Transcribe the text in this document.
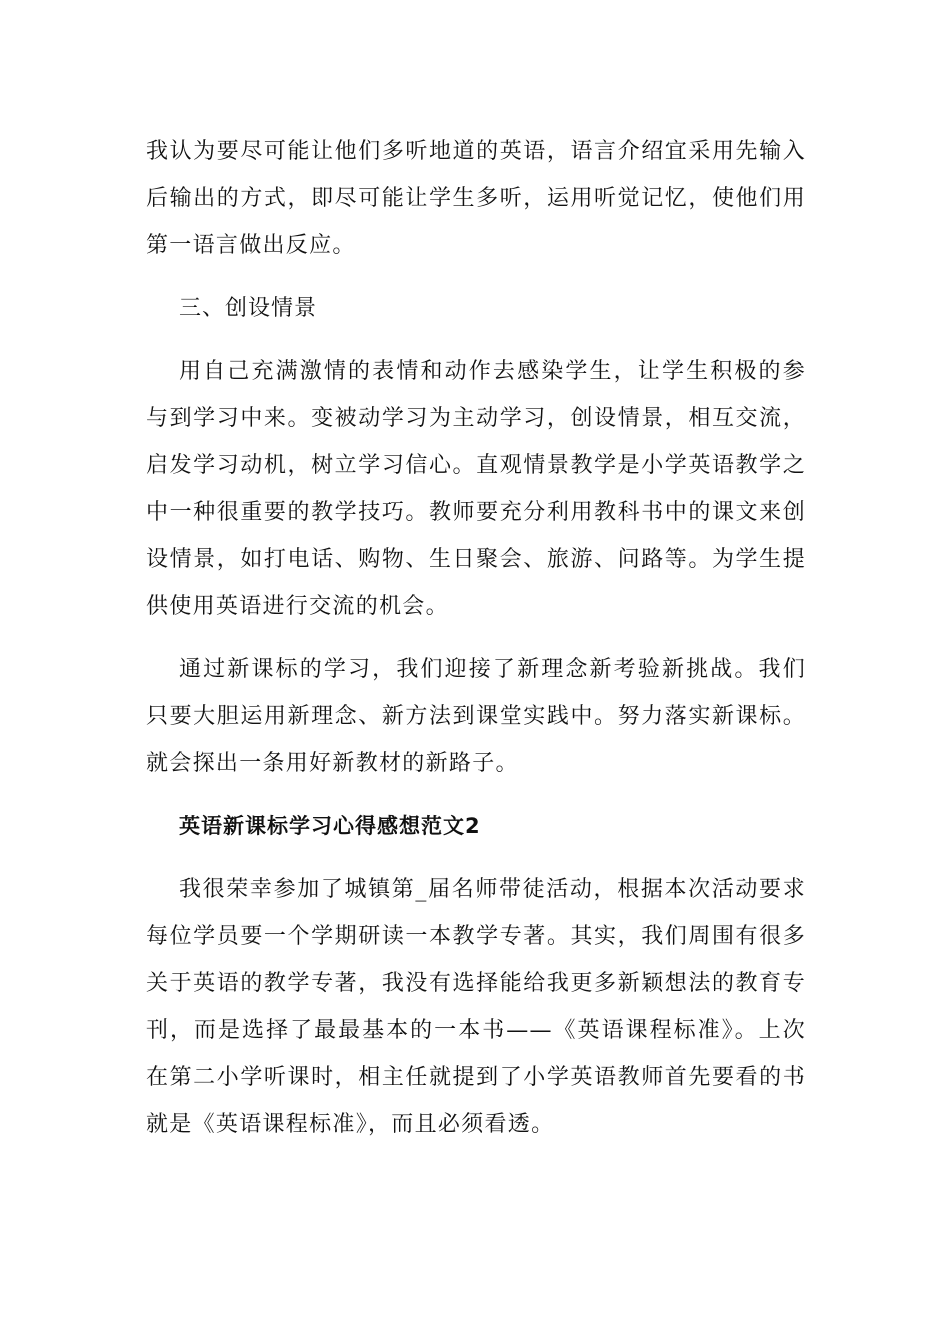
我认为要尽可能让他们多听地道的英语，语言介绍宜采用先输入后输出的方式，即尽可能让学生多听，运用听觉记忆，使他们用第一语言做出反应。

三、创设情景

用自己充满激情的表情和动作去感染学生，让学生积极的参与到学习中来。变被动学习为主动学习，创设情景，相互交流，启发学习动机，树立学习信心。直观情景教学是小学英语教学之中一种很重要的教学技巧。教师要充分利用教科书中的课文来创设情景，如打电话、购物、生日聚会、旅游、问路等。为学生提供使用英语进行交流的机会。

通过新课标的学习，我们迎接了新理念新考验新挑战。我们只要大胆运用新理念、新方法到课堂实践中。努力落实新课标。就会探出一条用好新教材的新路子。

英语新课标学习心得感想范文2

我很荣幸参加了城镇第_届名师带徒活动，根据本次活动要求每位学员要一个学期研读一本教学专著。其实，我们周围有很多关于英语的教学专著，我没有选择能给我更多新颖想法的教育专刊，而是选择了最最基本的一本书——《英语课程标准》。上次在第二小学听课时，相主任就提到了小学英语教师首先要看的书就是《英语课程标准》，而且必须看透。
